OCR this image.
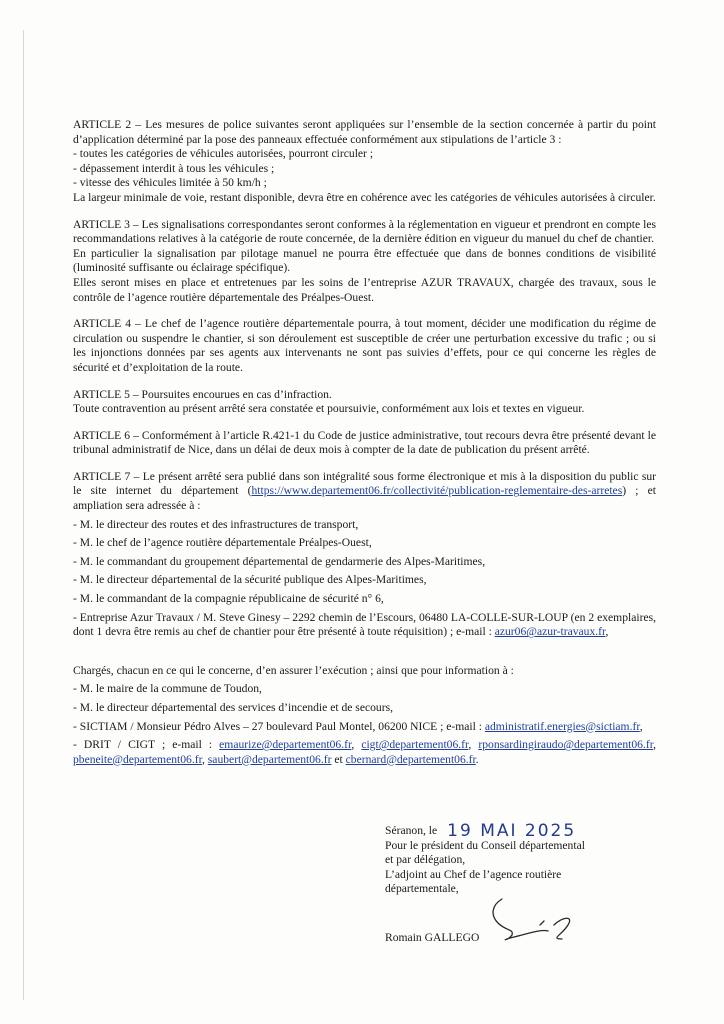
ARTICLE 2 – Les mesures de police suivantes seront appliquées sur l’ensemble de la section concernée à partir du point d’application déterminé par la pose des panneaux effectuée conformément aux stipulations de l’article 3 :

- toutes les catégories de véhicules autorisées, pourront circuler ;

- dépassement interdit à tous les véhicules ;

- vitesse des véhicules limitée à 50 km/h ;

La largeur minimale de voie, restant disponible, devra être en cohérence avec les catégories de véhicules autorisées à circuler.

ARTICLE 3 – Les signalisations correspondantes seront conformes à la réglementation en vigueur et prendront en compte les recommandations relatives à la catégorie de route concernée, de la dernière édition en vigueur du manuel du chef de chantier.

En particulier la signalisation par pilotage manuel ne pourra être effectuée que dans de bonnes conditions de visibilité (luminosité suffisante ou éclairage spécifique).

Elles seront mises en place et entretenues par les soins de l’entreprise AZUR TRAVAUX, chargée des travaux, sous le contrôle de l’agence routière départementale des Préalpes-Ouest.

ARTICLE 4 – Le chef de l’agence routière départementale pourra, à tout moment, décider une modification du régime de circulation ou suspendre le chantier, si son déroulement est susceptible de créer une perturbation excessive du trafic ; ou si les injonctions données par ses agents aux intervenants ne sont pas suivies d’effets, pour ce qui concerne les règles de sécurité et d’exploitation de la route.

ARTICLE 5 – Poursuites encourues en cas d’infraction.

Toute contravention au présent arrêté sera constatée et poursuivie, conformément aux lois et textes en vigueur.

ARTICLE 6 – Conformément à l’article R.421-1 du Code de justice administrative, tout recours devra être présenté devant le tribunal administratif de Nice, dans un délai de deux mois à compter de la date de publication du présent arrêté.

ARTICLE 7 – Le présent arrêté sera publié dans son intégralité sous forme électronique et mis à la disposition du public sur le site internet du département (https://www.departement06.fr/collectivité/publication-reglementaire-des-arretes) ; et ampliation sera adressée à :

- M. le directeur des routes et des infrastructures de transport,

- M. le chef de l’agence routière départementale Préalpes-Ouest,

- M. le commandant du groupement départemental de gendarmerie des Alpes-Maritimes,

- M. le directeur départemental de la sécurité publique des Alpes-Maritimes,

- M. le commandant de la compagnie républicaine de sécurité n° 6,

- Entreprise Azur Travaux / M. Steve Ginesy – 2292 chemin de l’Escours, 06480 LA-COLLE-SUR-LOUP (en 2 exemplaires, dont 1 devra être remis au chef de chantier pour être présenté à toute réquisition) ; e-mail : azur06@azur-travaux.fr,

Chargés, chacun en ce qui le concerne, d’en assurer l’exécution ; ainsi que pour information à :

- M. le maire de la commune de Toudon,

- M. le directeur départemental des services d’incendie et de secours,

- SICTIAM / Monsieur Pédro Alves – 27 boulevard Paul Montel, 06200 NICE ; e-mail : administratif.energies@sictiam.fr,

- DRIT / CIGT ; e-mail : emaurize@departement06.fr, cigt@departement06.fr, rponsardingiraudo@departement06.fr, pbeneite@departement06.fr, saubert@departement06.fr et cbernard@departement06.fr.

Séranon, le 19 MAI 2025

Pour le président du Conseil départemental

et par délégation,

L’adjoint au Chef de l’agence routière

départementale,

Romain GALLEGO
